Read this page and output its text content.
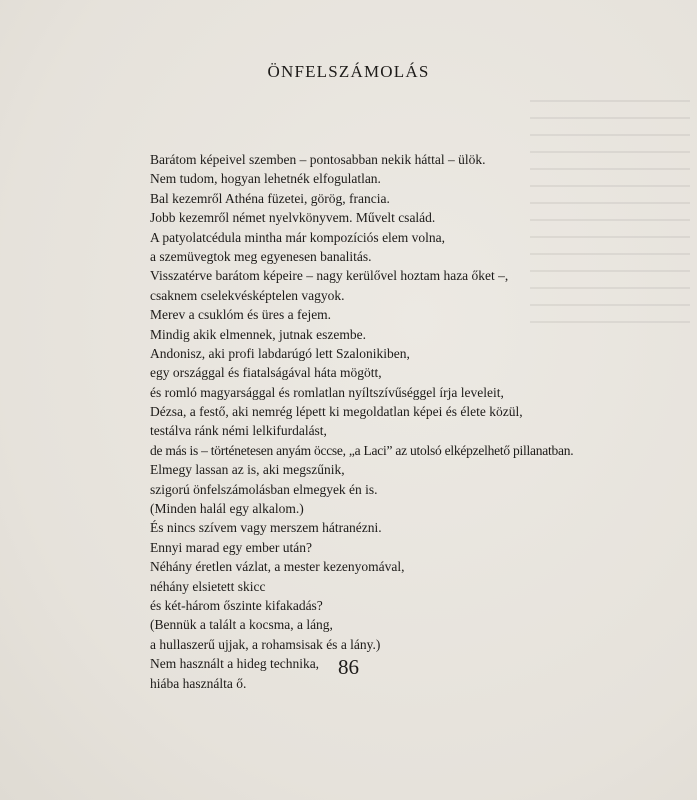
ÖNFELSZÁMOLÁS
Barátom képeivel szemben – pontosabban nekik háttal – ülök.
Nem tudom, hogyan lehetnék elfogulatlan.
Bal kezemről Athéna füzetei, görög, francia.
Jobb kezemről német nyelvkönyvem. Művelt család.
A patyolatcédula mintha már kompozíciós elem volna,
a szemüvegtok meg egyenesen banalitás.
Visszatérve barátom képeire – nagy kerülővel hoztam haza őket –,
csaknem cselekvésképtelen vagyok.
Merev a csuklóm és üres a fejem.
Mindig akik elmennek, jutnak eszembe.
Andonisz, aki profi labdarúgó lett Szalonikiben,
egy országgal és fiatalságával háta mögött,
és romló magyarsággal és romlatlan nyíltszívűséggel írja leveleit,
Dézsa, a festő, aki nemrég lépett ki megoldatlan képei és élete közül,
testálva ránk némi lelkifurdalást,
de más is – történetesen anyám öccse, „a Laci” az utolsó elképzelhető pillanatban.
Elmegy lassan az is, aki megszűnik,
szigorú önfelszámolásban elmegyek én is.
(Minden halál egy alkalom.)
És nincs szívem vagy merszem hátranézni.
Ennyi marad egy ember után?
Néhány éretlen vázlat, a mester kezenyomával,
néhány elsietett skicc
és két-három őszinte kifakadás?
(Bennük a talált a kocsma, a láng,
a hullaszerű ujjak, a rohamsisak és a lány.)
Nem használt a hideg technika,
hiába használta ő.
86
